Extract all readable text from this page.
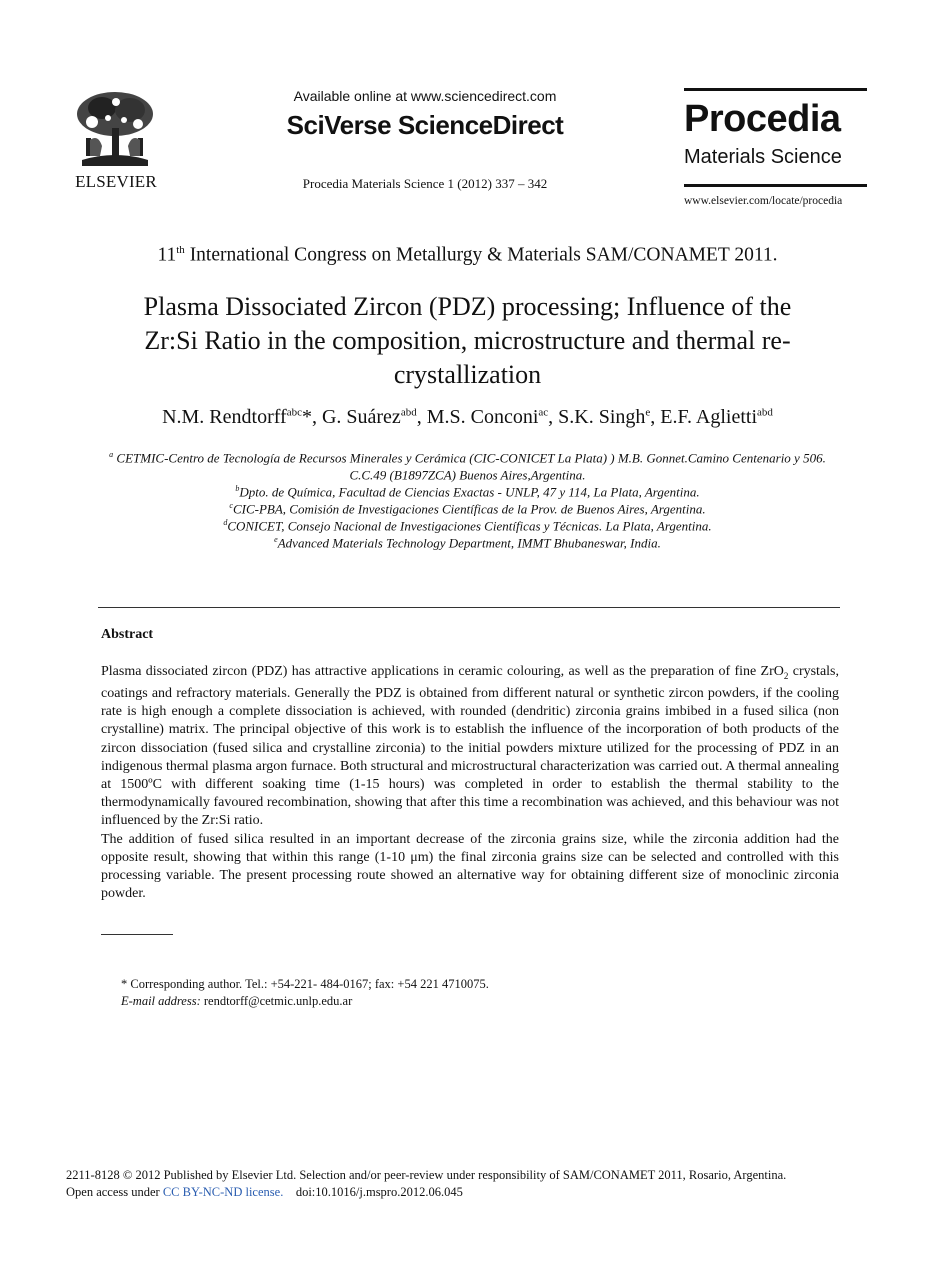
ELSEVIER
Available online at www.sciencedirect.com
SciVerse ScienceDirect
Procedia Materials Science 1 (2012) 337 – 342
Procedia
Materials Science
www.elsevier.com/locate/procedia
11th International Congress on Metallurgy & Materials SAM/CONAMET 2011.
Plasma Dissociated Zircon (PDZ) processing; Influence of the
Zr:Si Ratio in the composition, microstructure and thermal re-
crystallization
N.M. Rendtorff$^{abc}$*, G. Suárez$^{abd}$, M.S. Conconi$^{ac}$, S.K. Singh$^e$, E.F. Aglietti$^{abd}$
$^a$ CETMIC-Centro de Tecnología de Recursos Minerales y Cerámica (CIC-CONICET La Plata) ) M.B. Gonnet.Camino Centenario y 506.
C.C.49 (B1897ZCA) Buenos Aires,Argentina.
$^b$Dpto. de Química, Facultad de Ciencias Exactas - UNLP, 47 y 114, La Plata, Argentina.
$^c$CIC-PBA, Comisión de Investigaciones Científicas de la Prov. de Buenos Aires, Argentina.
$^d$CONICET, Consejo Nacional de Investigaciones Científicas y Técnicas. La Plata, Argentina.
$^e$Advanced Materials Technology Department, IMMT Bhubaneswar, India.
Abstract

Plasma dissociated zircon (PDZ) has attractive applications in ceramic colouring, as well as the preparation of fine ZrO$_2$ crystals, coatings and refractory materials. Generally the PDZ is obtained from different natural or synthetic zircon powders, if the cooling rate is high enough a complete dissociation is achieved, with rounded (dendritic) zirconia grains imbibed in a fused silica (non crystalline) matrix. The principal objective of this work is to establish the influence of the incorporation of both products of the zircon dissociation (fused silica and crystalline zirconia) to the initial powders mixture utilized for the processing of PDZ in an indigenous thermal plasma argon furnace. Both structural and microstructural characterization was carried out. A thermal annealing at 1500ºC with different soaking time (1-15 hours) was completed in order to establish the thermal stability to the thermodynamically favoured recombination, showing that after this time a recombination was achieved, and this behaviour was not influenced by the Zr:Si ratio.

The addition of fused silica resulted in an important decrease of the zirconia grains size, while the zirconia addition had the opposite result, showing that within this range (1-10 μm) the final zirconia grains size can be selected and controlled with this processing variable. The present processing route showed an alternative way for obtaining different size of monoclinic zirconia powder.

* Corresponding author. Tel.: +54-221- 484-0167; fax: +54 221 4710075.
E-mail address: rendtorff@cetmic.unlp.edu.ar
2211-8128 © 2012 Published by Elsevier Ltd. Selection and/or peer-review under responsibility of SAM/CONAMET 2011, Rosario, Argentina.
Open access under CC BY-NC-ND license.    doi:10.1016/j.mspro.2012.06.045
